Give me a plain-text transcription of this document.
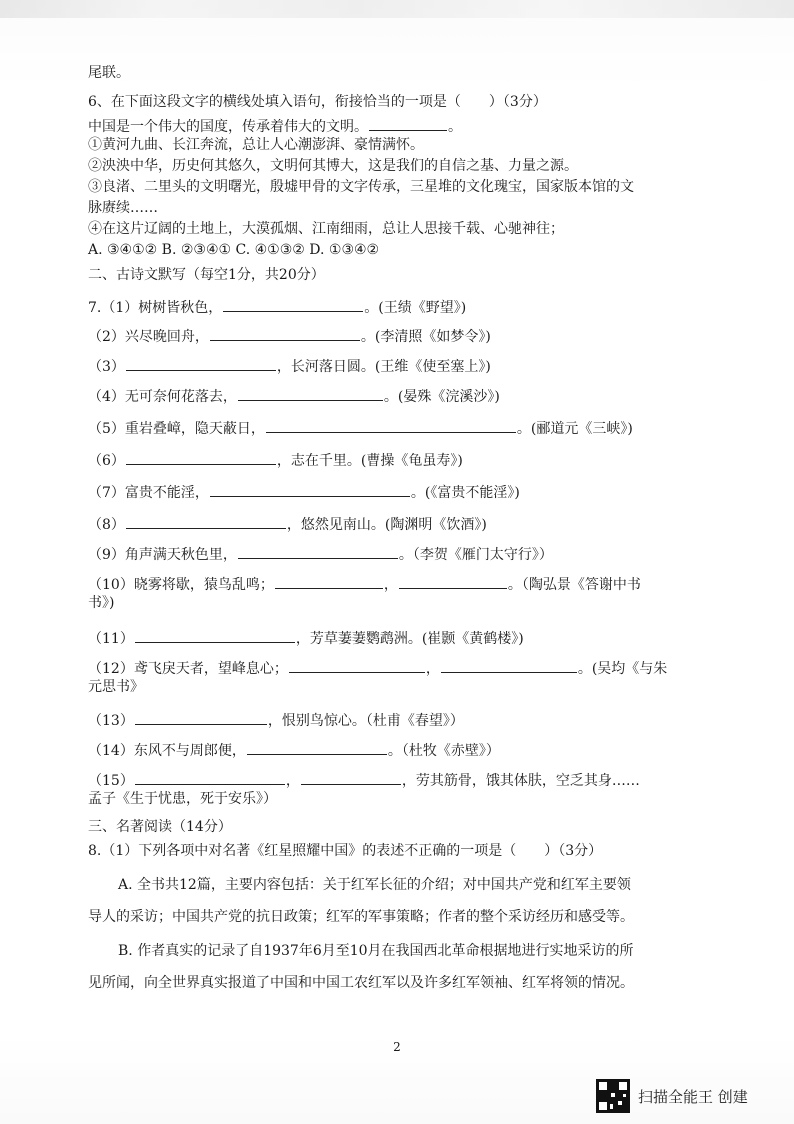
尾联。
6、在下面这段文字的横线处填入语句，衔接恰当的一项是（　　）（3分）
中国是一个伟大的国度，传承着伟大的文明。	。
①黄河九曲、长江奔流，总让人心潮澎湃、豪情满怀。
②泱泱中华，历史何其悠久，文明何其博大，这是我们的自信之基、力量之源。
③良渚、二里头的文明曙光，殷墟甲骨的文字传承，三星堆的文化瑰宝，国家版本馆的文
脉赓续……
④在这片辽阔的土地上，大漠孤烟、江南细雨，总让人思接千载、心驰神往；
A. ③④①② B. ②③④① C. ④①③② D. ①③④②
二、古诗文默写（每空1分，共20分）
7.（1）树树皆秋色，	。(王绩《野望》)
（2）兴尽晚回舟，	。(李清照《如梦令》)
（3）	，长河落日圆。(王维《使至塞上》)
（4）无可奈何花落去，	。(晏殊《浣溪沙》)
（5）重岩叠嶂，隐天蔽日，	。(郦道元《三峡》)
（6）	，志在千里。(曹操《龟虽寿》)
（7）富贵不能淫，	。(《富贵不能淫》)
（8）	，悠然见南山。(陶渊明《饮酒》)
（9）角声满天秋色里，	。（李贺《雁门太守行》）
（10）晓雾将歇，猿鸟乱鸣；	，	。（陶弘景《答谢中书
书》)
（11）	，芳草萋萋鹦鹉洲。(崔颢《黄鹤楼》)
（12）鸢飞戾天者，望峰息心；	，	。(吴均《与朱
元思书》
（13）	，恨别鸟惊心。（杜甫《春望》）
（14）东风不与周郎便，	。（杜牧《赤壁》）
（15）	，	，劳其筋骨，饿其体肤，空乏其身……
孟子《生于忧患，死于安乐》）
三、名著阅读（14分）
8.（1）下列各项中对名著《红星照耀中国》的表述不正确的一项是（　　）（3分）
A. 全书共12篇，主要内容包括：关于红军长征的介绍；对中国共产党和红军主要领
导人的采访；中国共产党的抗日政策；红军的军事策略；作者的整个采访经历和感受等。
B. 作者真实的记录了自1937年6月至10月在我国西北革命根据地进行实地采访的所
见所闻，向全世界真实报道了中国和中国工农红军以及许多红军领袖、红军将领的情况。
2
扫描全能王 创建
